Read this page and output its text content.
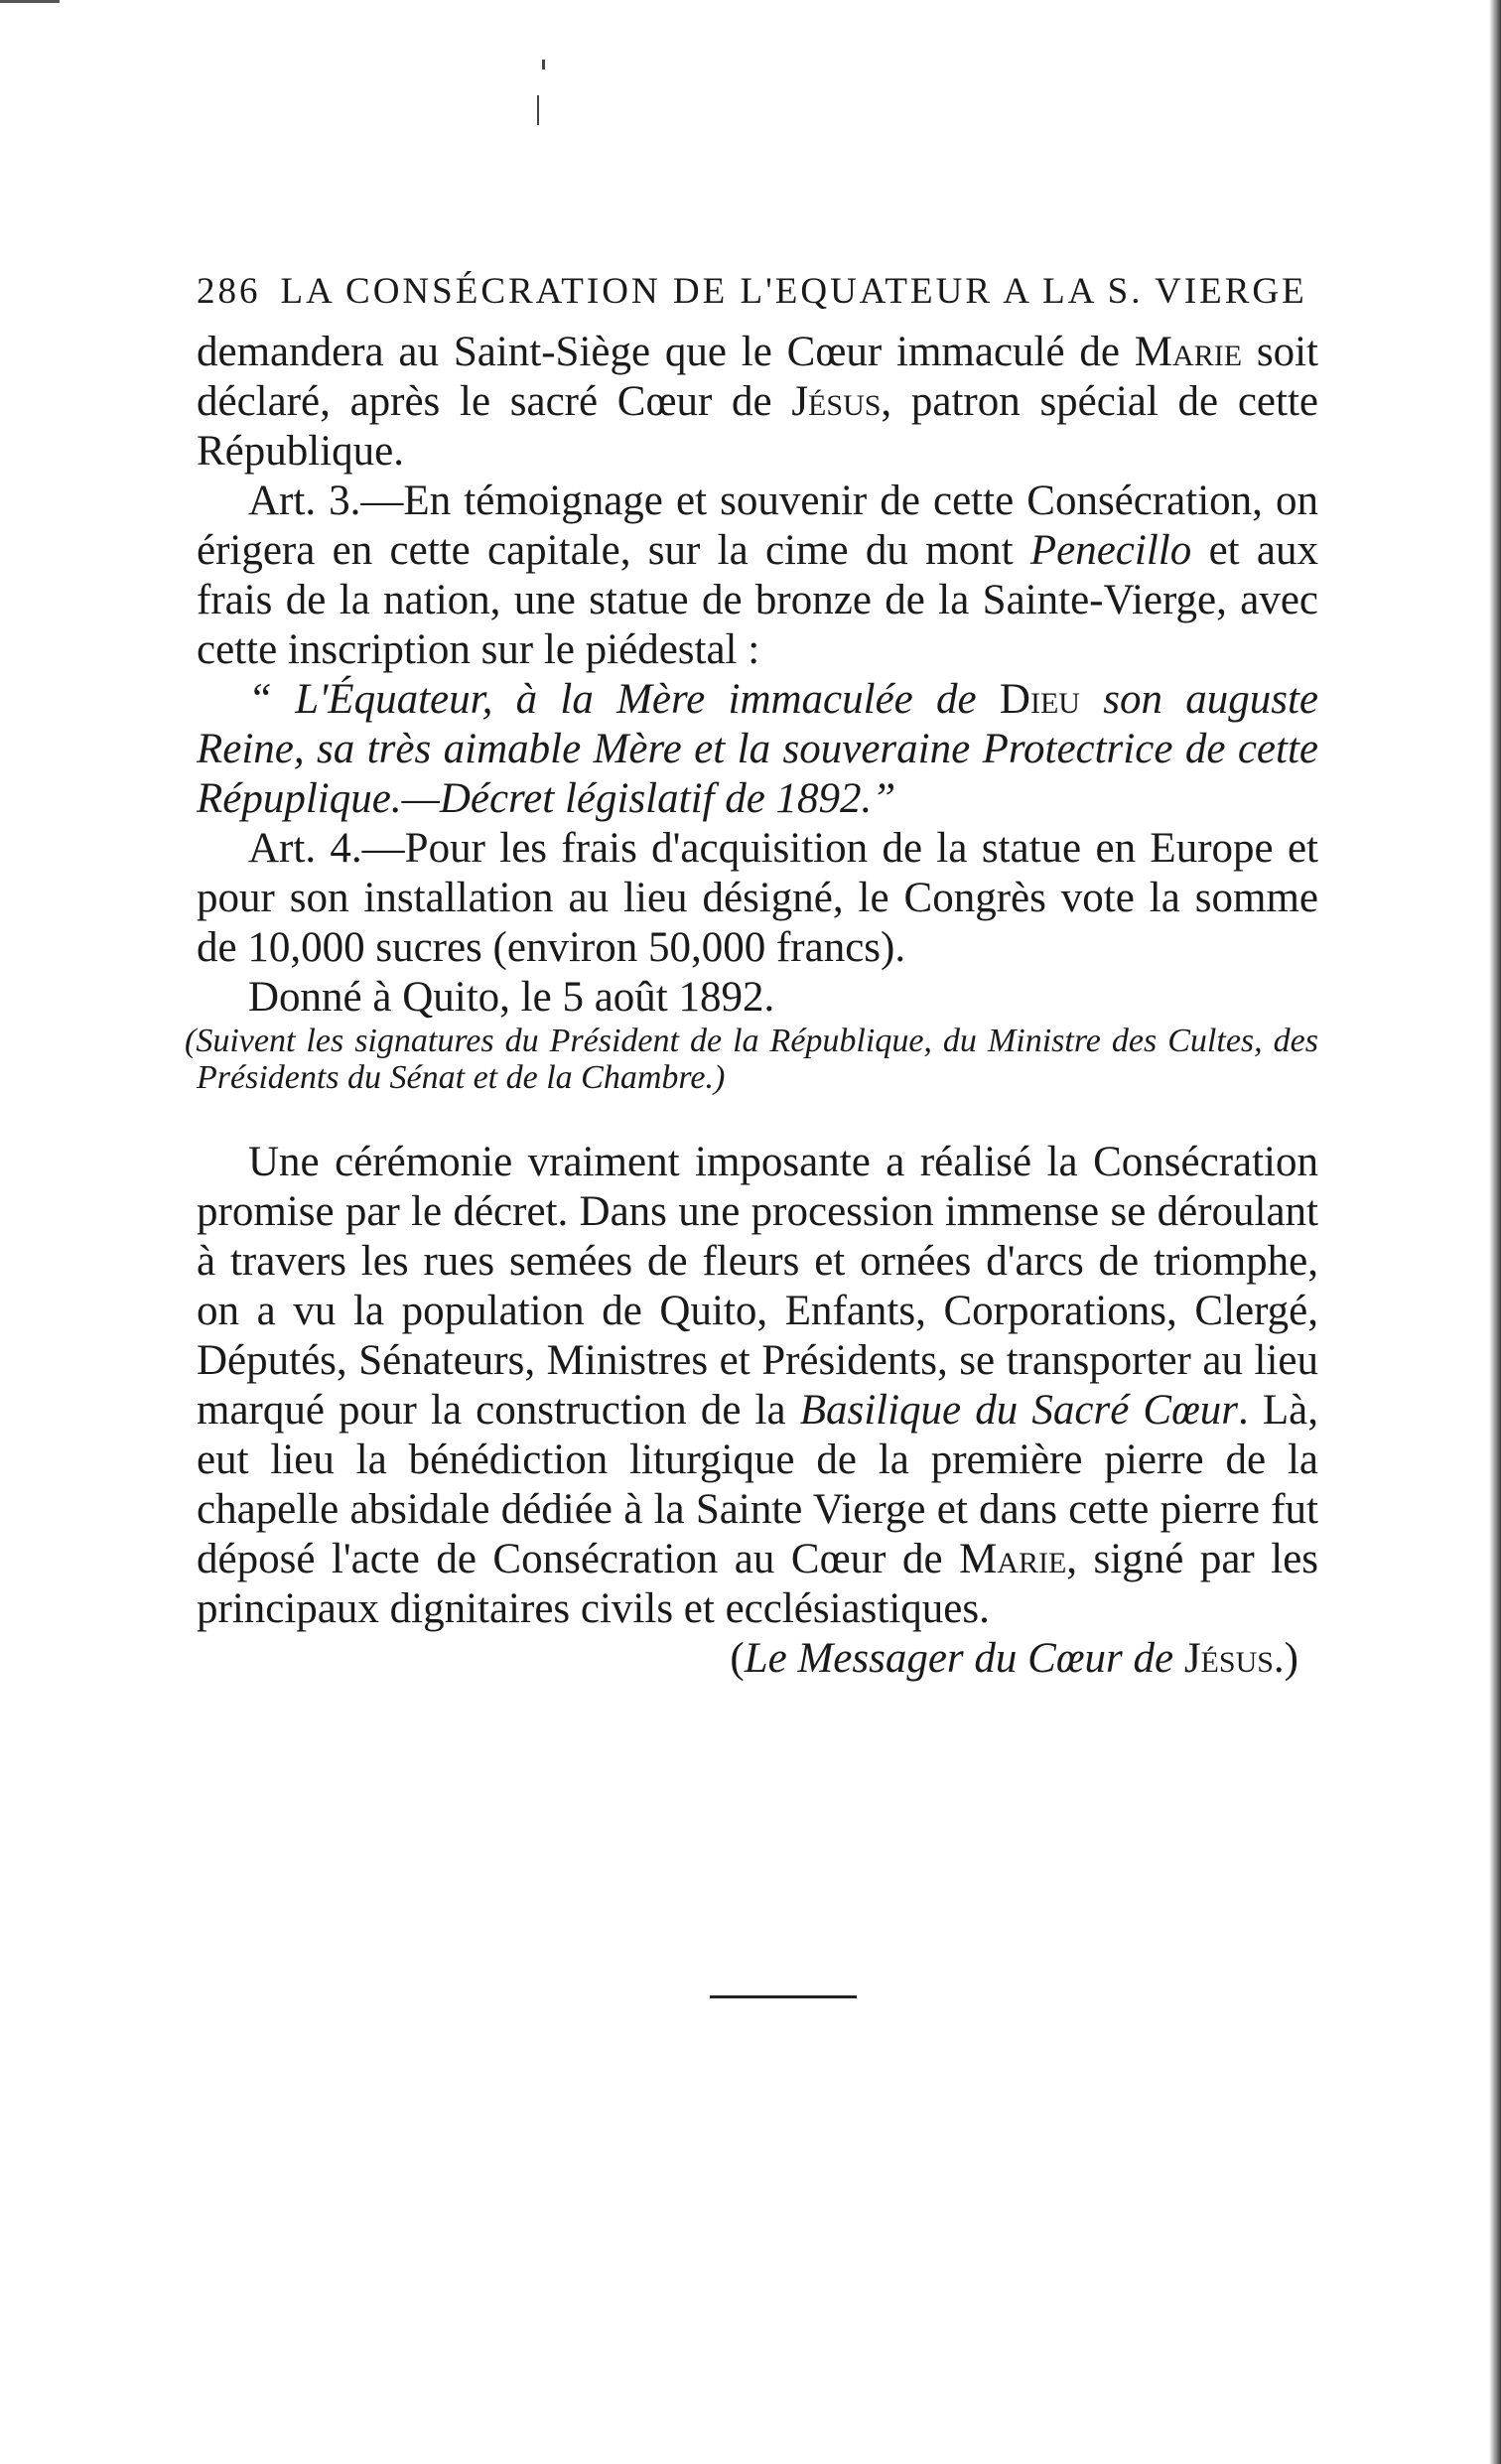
286 LA CONSÉCRATION DE L'EQUATEUR A LA S. VIERGE

demandera au Saint-Siège que le Cœur immaculé de Marie soit déclaré, après le sacré Cœur de Jésus, patron spécial de cette République.

Art. 3.—En témoignage et souvenir de cette Consécration, on érigera en cette capitale, sur la cime du mont Penecillo et aux frais de la nation, une statue de bronze de la Sainte-Vierge, avec cette inscription sur le piédestal :

“ L'Équateur, à la Mère immaculée de Dieu son auguste Reine, sa très aimable Mère et la souveraine Protectrice de cette Répuplique.—Décret législatif de 1892.”

Art. 4.—Pour les frais d'acquisition de la statue en Europe et pour son installation au lieu désigné, le Congrès vote la somme de 10,000 sucres (environ 50,000 francs).

Donné à Quito, le 5 août 1892.

(Suivent les signatures du Président de la République, du Ministre des Cultes, des Présidents du Sénat et de la Chambre.)

Une cérémonie vraiment imposante a réalisé la Consécration promise par le décret. Dans une procession immense se déroulant à travers les rues semées de fleurs et ornées d'arcs de triomphe, on a vu la population de Quito, Enfants, Corporations, Clergé, Députés, Sénateurs, Ministres et Présidents, se transporter au lieu marqué pour la construction de la Basilique du Sacré Cœur. Là, eut lieu la bénédiction liturgique de la première pierre de la chapelle absidale dédiée à la Sainte Vierge et dans cette pierre fut déposé l'acte de Consécration au Cœur de Marie, signé par les principaux dignitaires civils et ecclésiastiques.

(Le Messager du Cœur de Jésus.)
